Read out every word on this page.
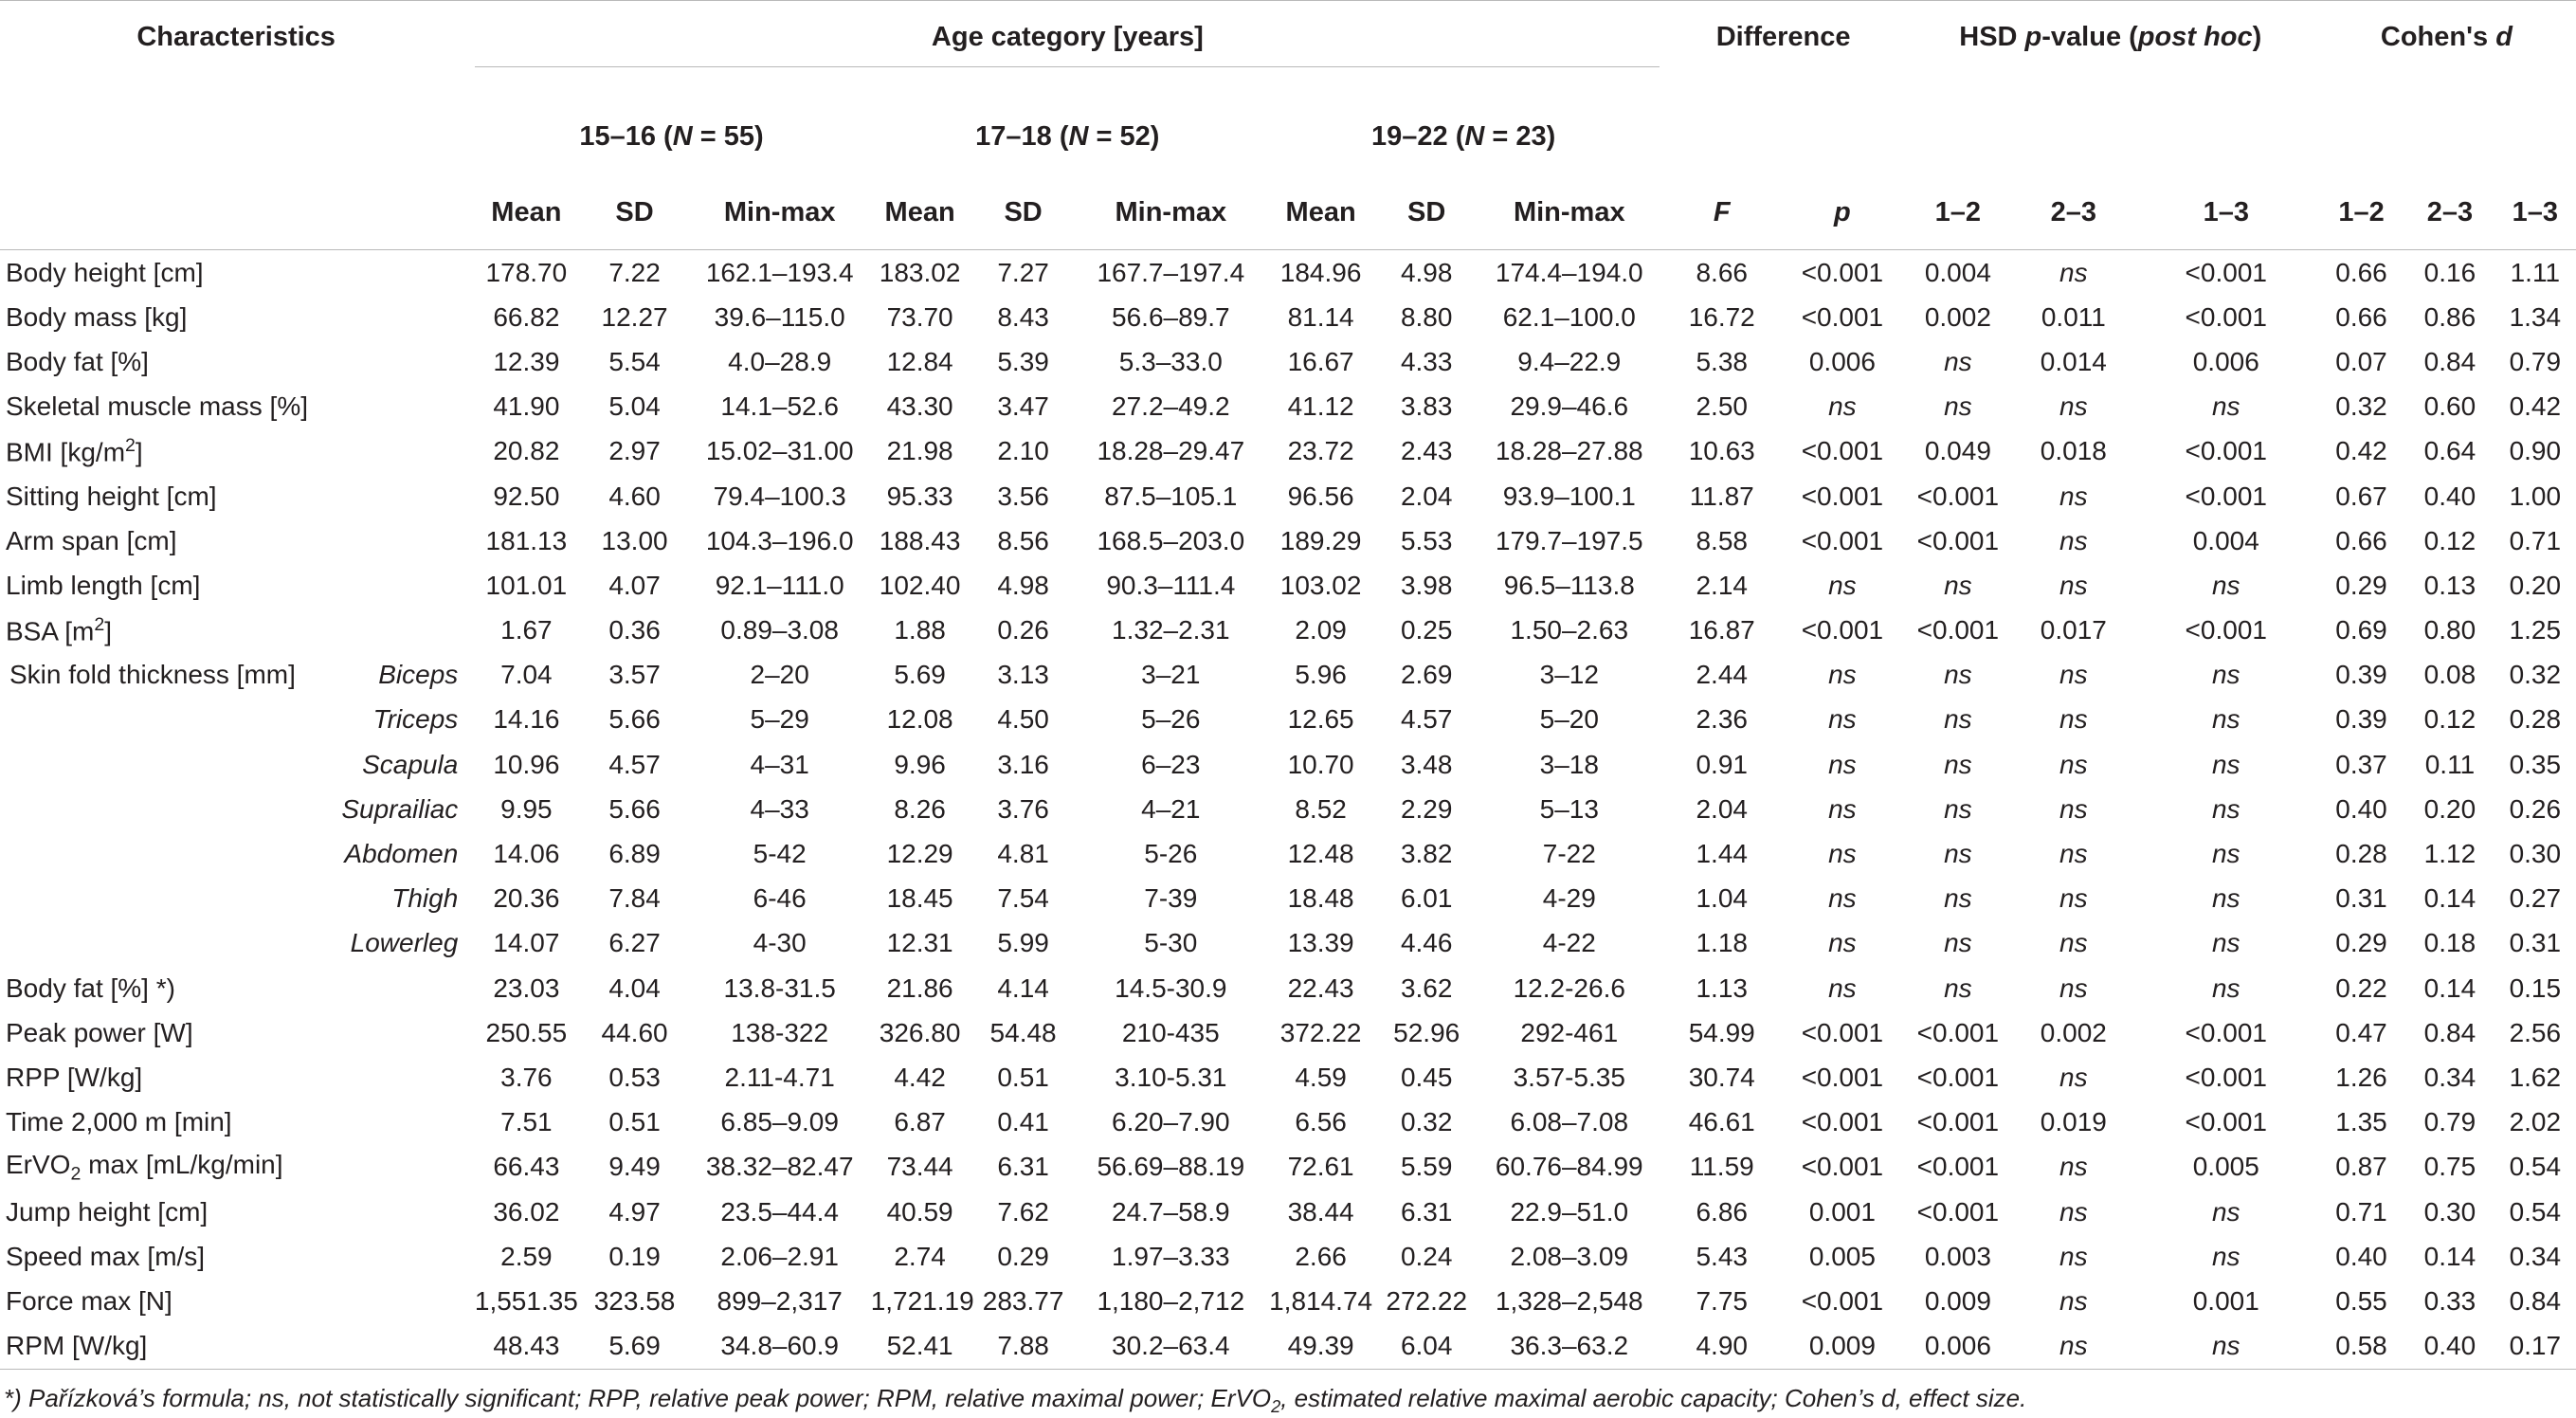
Characteristics	Age category [years]									Difference		HSD p-value (post hoc)			Cohen's d		
	15–16 (N = 55)			17–18 (N = 52)			19–22 (N = 23)										
	Mean	SD	Min-max	Mean	SD	Min-max	Mean	SD	Min-max	F	p	1–2	2–3	1–3	1–2	2–3	1–3
Body height [cm]	178.70	7.22	162.1–193.4	183.02	7.27	167.7–197.4	184.96	4.98	174.4–194.0	8.66	<0.001	0.004	ns	<0.001	0.66	0.16	1.11
Body mass [kg]	66.82	12.27	39.6–115.0	73.70	8.43	56.6–89.7	81.14	8.80	62.1–100.0	16.72	<0.001	0.002	0.011	<0.001	0.66	0.86	1.34
Body fat [%]	12.39	5.54	4.0–28.9	12.84	5.39	5.3–33.0	16.67	4.33	9.4–22.9	5.38	0.006	ns	0.014	0.006	0.07	0.84	0.79
Skeletal muscle mass [%]	41.90	5.04	14.1–52.6	43.30	3.47	27.2–49.2	41.12	3.83	29.9–46.6	2.50	ns	ns	ns	ns	0.32	0.60	0.42
BMI $[kg/m^2]$	20.82	2.97	15.02–31.00	21.98	2.10	18.28–29.47	23.72	2.43	18.28–27.88	10.63	<0.001	0.049	0.018	<0.001	0.42	0.64	0.90
Sitting height [cm]	92.50	4.60	79.4–100.3	95.33	3.56	87.5–105.1	96.56	2.04	93.9–100.1	11.87	<0.001	<0.001	ns	<0.001	0.67	0.40	1.00
Arm span [cm]	181.13	13.00	104.3–196.0	188.43	8.56	168.5–203.0	189.29	5.53	179.7–197.5	8.58	<0.001	<0.001	ns	0.004	0.66	0.12	0.71
Limb length [cm]	101.01	4.07	92.1–111.0	102.40	4.98	90.3–111.4	103.02	3.98	96.5–113.8	2.14	ns	ns	ns	ns	0.29	0.13	0.20
BSA $[m^2]$	1.67	0.36	0.89–3.08	1.88	0.26	1.32–2.31	2.09	0.25	1.50–2.63	16.87	<0.001	<0.001	0.017	<0.001	0.69	0.80	1.25

Skin fold thickness [mm] Biceps	7.04	3.57	2–20	5.69	3.13	3–21	5.96	2.69	3–12	2.44	ns	ns	ns	ns	0.39	0.08	0.32

Triceps	14.16	5.66	5–29	12.08	4.50	5–26	12.65	4.57	5–20	2.36	ns	ns	ns	ns	0.39	0.12	0.28

Scapula	10.96	4.57	4–31	9.96	3.16	6–23	10.70	3.48	3–18	0.91	ns	ns	ns	ns	0.37	0.11	0.35

Suprailiac	9.95	5.66	4–33	8.26	3.76	4–21	8.52	2.29	5–13	2.04	ns	ns	ns	ns	0.40	0.20	0.26

Abdomen	14.06	6.89	5-42	12.29	4.81	5-26	12.48	3.82	7-22	1.44	ns	ns	ns	ns	0.28	1.12	0.30

Thigh	20.36	7.84	6-46	18.45	7.54	7-39	18.48	6.01	4-29	1.04	ns	ns	ns	ns	0.31	0.14	0.27

Lowerleg	14.07	6.27	4-30	12.31	5.99	5-30	13.39	4.46	4-22	1.18	ns	ns	ns	ns	0.29	0.18	0.31
Body fat [%] *)	23.03	4.04	13.8-31.5	21.86	4.14	14.5-30.9	22.43	3.62	12.2-26.6	1.13	ns	ns	ns	ns	0.22	0.14	0.15
Peak power [W]	250.55	44.60	138-322	326.80	54.48	210-435	372.22	52.96	292-461	54.99	<0.001	<0.001	0.002	<0.001	0.47	0.84	2.56
RPP [W/kg]	3.76	0.53	2.11-4.71	4.42	0.51	3.10-5.31	4.59	0.45	3.57-5.35	30.74	<0.001	<0.001	ns	<0.001	1.26	0.34	1.62
Time 2,000 m [min]	7.51	0.51	6.85–9.09	6.87	0.41	6.20–7.90	6.56	0.32	6.08–7.08	46.61	<0.001	<0.001	0.019	<0.001	1.35	0.79	2.02
ErVO$_2$ max [mL/kg/min]	66.43	9.49	38.32–82.47	73.44	6.31	56.69–88.19	72.61	5.59	60.76–84.99	11.59	<0.001	<0.001	ns	0.005	0.87	0.75	0.54
Jump height [cm]	36.02	4.97	23.5–44.4	40.59	7.62	24.7–58.9	38.44	6.31	22.9–51.0	6.86	0.001	<0.001	ns	ns	0.71	0.30	0.54
Speed max [m/s]	2.59	0.19	2.06–2.91	2.74	0.29	1.97–3.33	2.66	0.24	2.08–3.09	5.43	0.005	0.003	ns	ns	0.40	0.14	0.34
Force max [N]	1,551.35	323.58	899–2,317	1,721.19	283.77	1,180–2,712	1,814.74	272.22	1,328–2,548	7.75	<0.001	0.009	ns	0.001	0.55	0.33	0.84
RPM [W/kg]	48.43	5.69	34.8–60.9	52.41	7.88	30.2–63.4	49.39	6.04	36.3–63.2	4.90	0.009	0.006	ns	ns	0.58	0.40	0.17
*) Pařízková’s formula; ns, not statistically significant; RPP, relative peak power; RPM, relative maximal power; ErVO$_2$, estimated relative maximal aerobic capacity; Cohen’s d, effect size.
